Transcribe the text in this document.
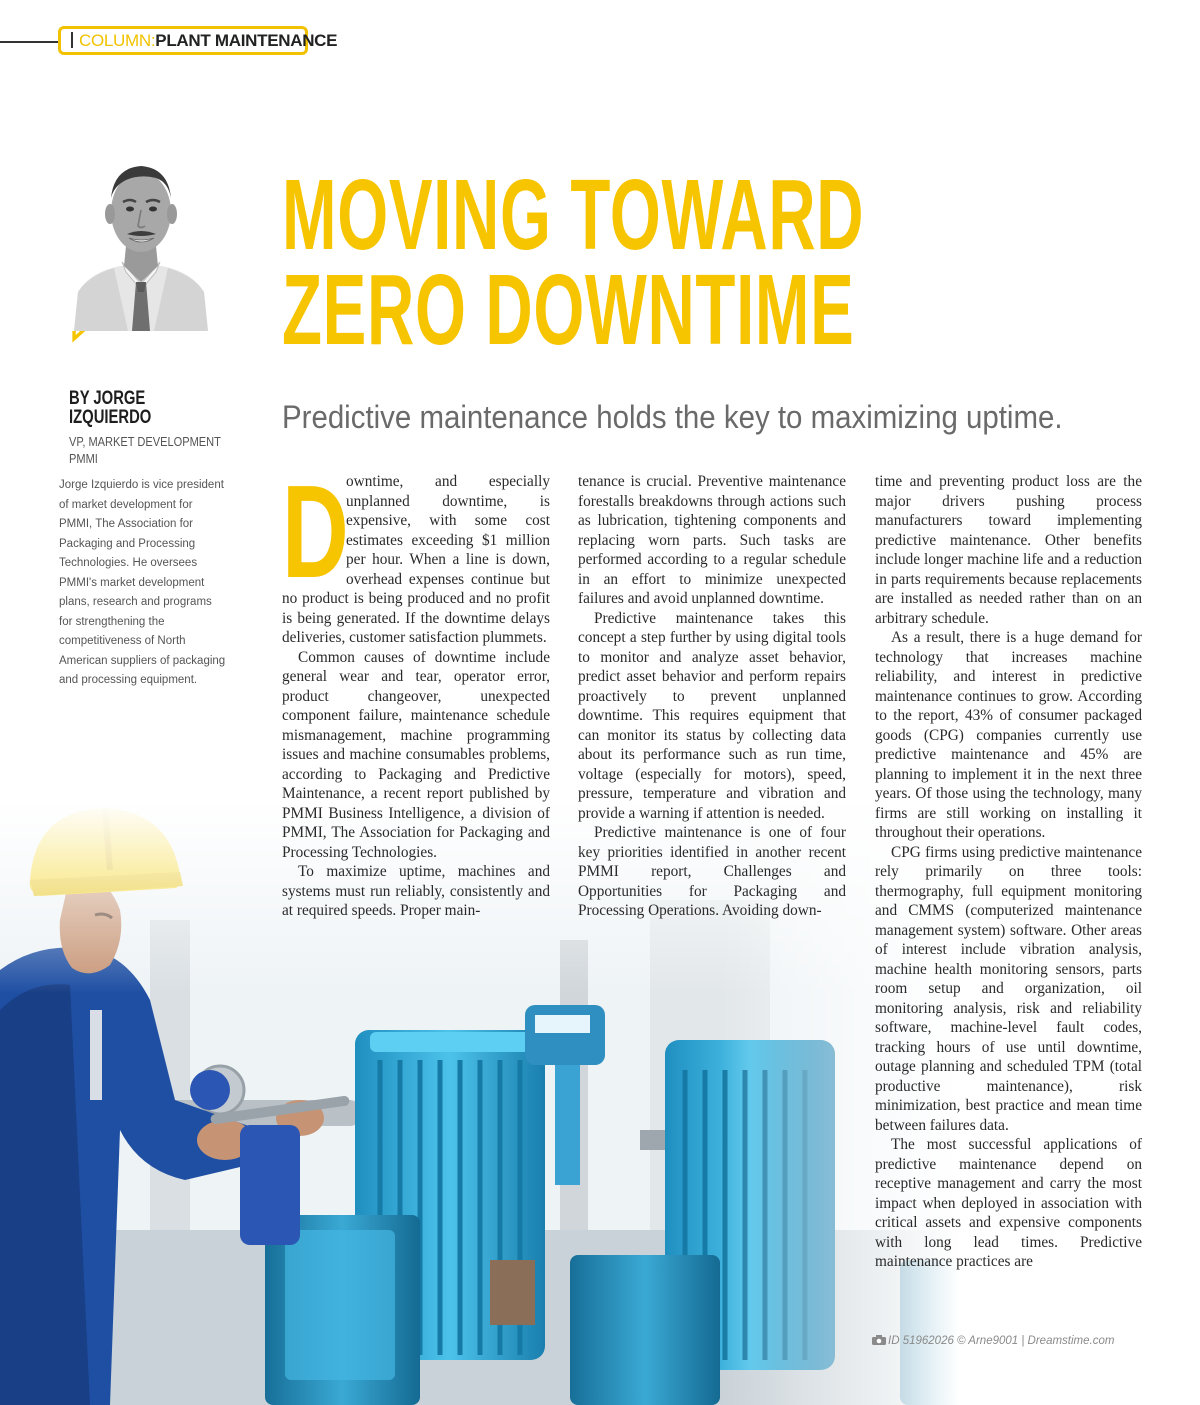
COLUMN:PLANT MAINTENANCE
BY JORGE IZQUIERDO
VP, MARKET DEVELOPMENT
PMMI
Jorge Izquierdo is vice president of market development for PMMI, The Association for Packaging and Processing Technologies. He oversees PMMI's market development plans, research and programs for strengthening the competitiveness of North American suppliers of packaging and processing equipment.
MOVING TOWARD
ZERO DOWNTIME
Predictive maintenance holds the key to maximizing uptime.

D
owntime, and especially unplanned downtime, is expensive, with some cost estimates exceeding $1 million per hour. When a line is down, overhead expenses continue but no product is being produced and no profit is being generated. If the downtime delays deliveries, customer satisfaction plummets.

Common causes of downtime include general wear and tear, operator error, product changeover, unexpected component failure, maintenance schedule mismanagement, machine programming issues and machine consumables problems, according to Packaging and Predictive Maintenance, a recent report published by PMMI Business Intelligence, a division of PMMI, The Association for Packaging and Processing Technologies.

To maximize uptime, machines and systems must run reliably, consistently and at required speeds. Proper main-

tenance is crucial. Preventive maintenance forestalls breakdowns through actions such as lubrication, tightening components and replacing worn parts. Such tasks are performed according to a regular schedule in an effort to minimize unexpected failures and avoid unplanned downtime.

Predictive maintenance takes this concept a step further by using digital tools to monitor and analyze asset behavior, predict asset behavior and perform repairs proactively to prevent unplanned downtime. This requires equipment that can monitor its status by collecting data about its performance such as run time, voltage (especially for motors), speed, pressure, temperature and vibration and provide a warning if attention is needed.

Predictive maintenance is one of four key priorities identified in another recent PMMI report, Challenges and Opportunities for Packaging and Processing Operations. Avoiding down-

time and preventing product loss are the major drivers pushing process manufacturers toward implementing predictive maintenance. Other benefits include longer machine life and a reduction in parts requirements because replacements are installed as needed rather than on an arbitrary schedule.

As a result, there is a huge demand for technology that increases machine reliability, and interest in predictive maintenance continues to grow. According to the report, 43% of consumer packaged goods (CPG) companies currently use predictive maintenance and 45% are planning to implement it in the next three years. Of those using the technology, many firms are still working on installing it throughout their operations.

CPG firms using predictive maintenance rely primarily on three tools: thermography, full equipment monitoring and CMMS (computerized maintenance management system) software. Other areas of interest include vibration analysis, machine health monitoring sensors, parts room setup and organization, oil monitoring analysis, risk and reliability software, machine-level fault codes, tracking hours of use until downtime, outage planning and scheduled TPM (total productive maintenance), risk minimization, best practice and mean time between failures data.

The most successful applications of predictive maintenance depend on receptive management and carry the most impact when deployed in association with critical assets and expensive components with long lead times. Predictive maintenance practices are

ID 51962026 © Arne9001 | Dreamstime.com
